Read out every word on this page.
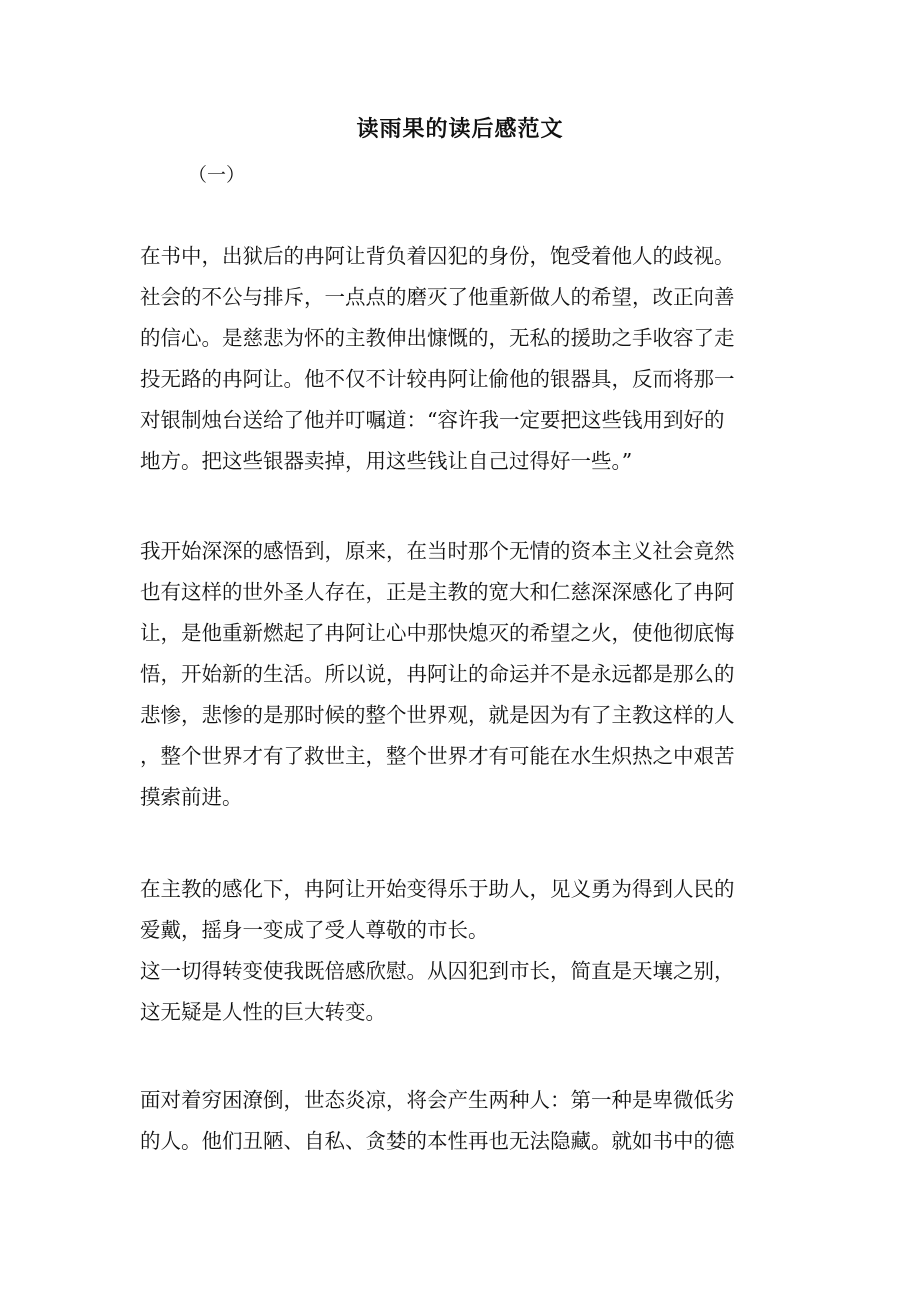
读雨果的读后感范文
（一）
在书中，出狱后的冉阿让背负着囚犯的身份，饱受着他人的歧视。
社会的不公与排斥，一点点的磨灭了他重新做人的希望，改正向善
的信心。是慈悲为怀的主教伸出慷慨的，无私的援助之手收容了走
投无路的冉阿让。他不仅不计较冉阿让偷他的银器具，反而将那一
对银制烛台送给了他并叮嘱道：“容许我一定要把这些钱用到好的
地方。把这些银器卖掉，用这些钱让自己过得好一些。”
我开始深深的感悟到，原来，在当时那个无情的资本主义社会竟然
也有这样的世外圣人存在，正是主教的宽大和仁慈深深感化了冉阿
让，是他重新燃起了冉阿让心中那快熄灭的希望之火，使他彻底悔
悟，开始新的生活。所以说，冉阿让的命运并不是永远都是那么的
悲惨，悲惨的是那时候的整个世界观，就是因为有了主教这样的人
，整个世界才有了救世主，整个世界才有可能在水生炽热之中艰苦
摸索前进。
在主教的感化下，冉阿让开始变得乐于助人，见义勇为得到人民的
爱戴，摇身一变成了受人尊敬的市长。
这一切得转变使我既倍感欣慰。从囚犯到市长，简直是天壤之别，
这无疑是人性的巨大转变。
面对着穷困潦倒，世态炎凉，将会产生两种人：第一种是卑微低劣
的人。他们丑陋、自私、贪婪的本性再也无法隐藏。就如书中的德
